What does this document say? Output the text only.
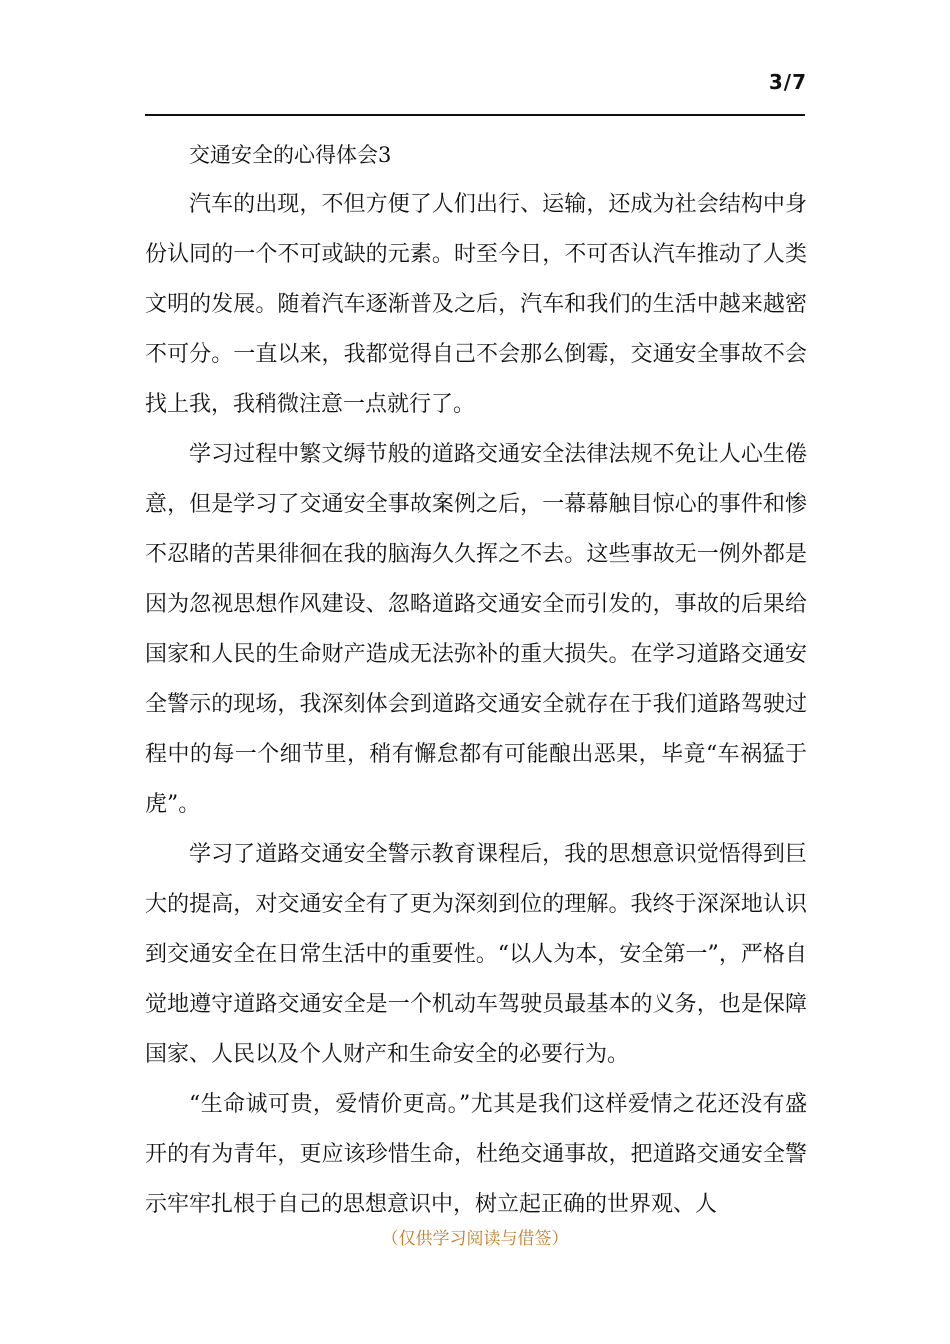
3/7
交通安全的心得体会3

汽车的出现，不但方便了人们出行、运输，还成为社会结构中身份认同的一个不可或缺的元素。时至今日，不可否认汽车推动了人类文明的发展。随着汽车逐渐普及之后，汽车和我们的生活中越来越密不可分。一直以来，我都觉得自己不会那么倒霉，交通安全事故不会找上我，我稍微注意一点就行了。

学习过程中繁文缛节般的道路交通安全法律法规不免让人心生倦意，但是学习了交通安全事故案例之后，一幕幕触目惊心的事件和惨不忍睹的苦果徘徊在我的脑海久久挥之不去。这些事故无一例外都是因为忽视思想作风建设、忽略道路交通安全而引发的，事故的后果给国家和人民的生命财产造成无法弥补的重大损失。在学习道路交通安全警示的现场，我深刻体会到道路交通安全就存在于我们道路驾驶过程中的每一个细节里，稍有懈怠都有可能酿出恶果，毕竟“车祸猛于虎”。

学习了道路交通安全警示教育课程后，我的思想意识觉悟得到巨大的提高，对交通安全有了更为深刻到位的理解。我终于深深地认识到交通安全在日常生活中的重要性。“以人为本，安全第一”，严格自觉地遵守道路交通安全是一个机动车驾驶员最基本的义务，也是保障国家、人民以及个人财产和生命安全的必要行为。

“生命诚可贵，爱情价更高。”尤其是我们这样爱情之花还没有盛开的有为青年，更应该珍惜生命，杜绝交通事故，把道路交通安全警示牢牢扎根于自己的思想意识中，树立起正确的世界观、人

（仅供学习阅读与借签）
